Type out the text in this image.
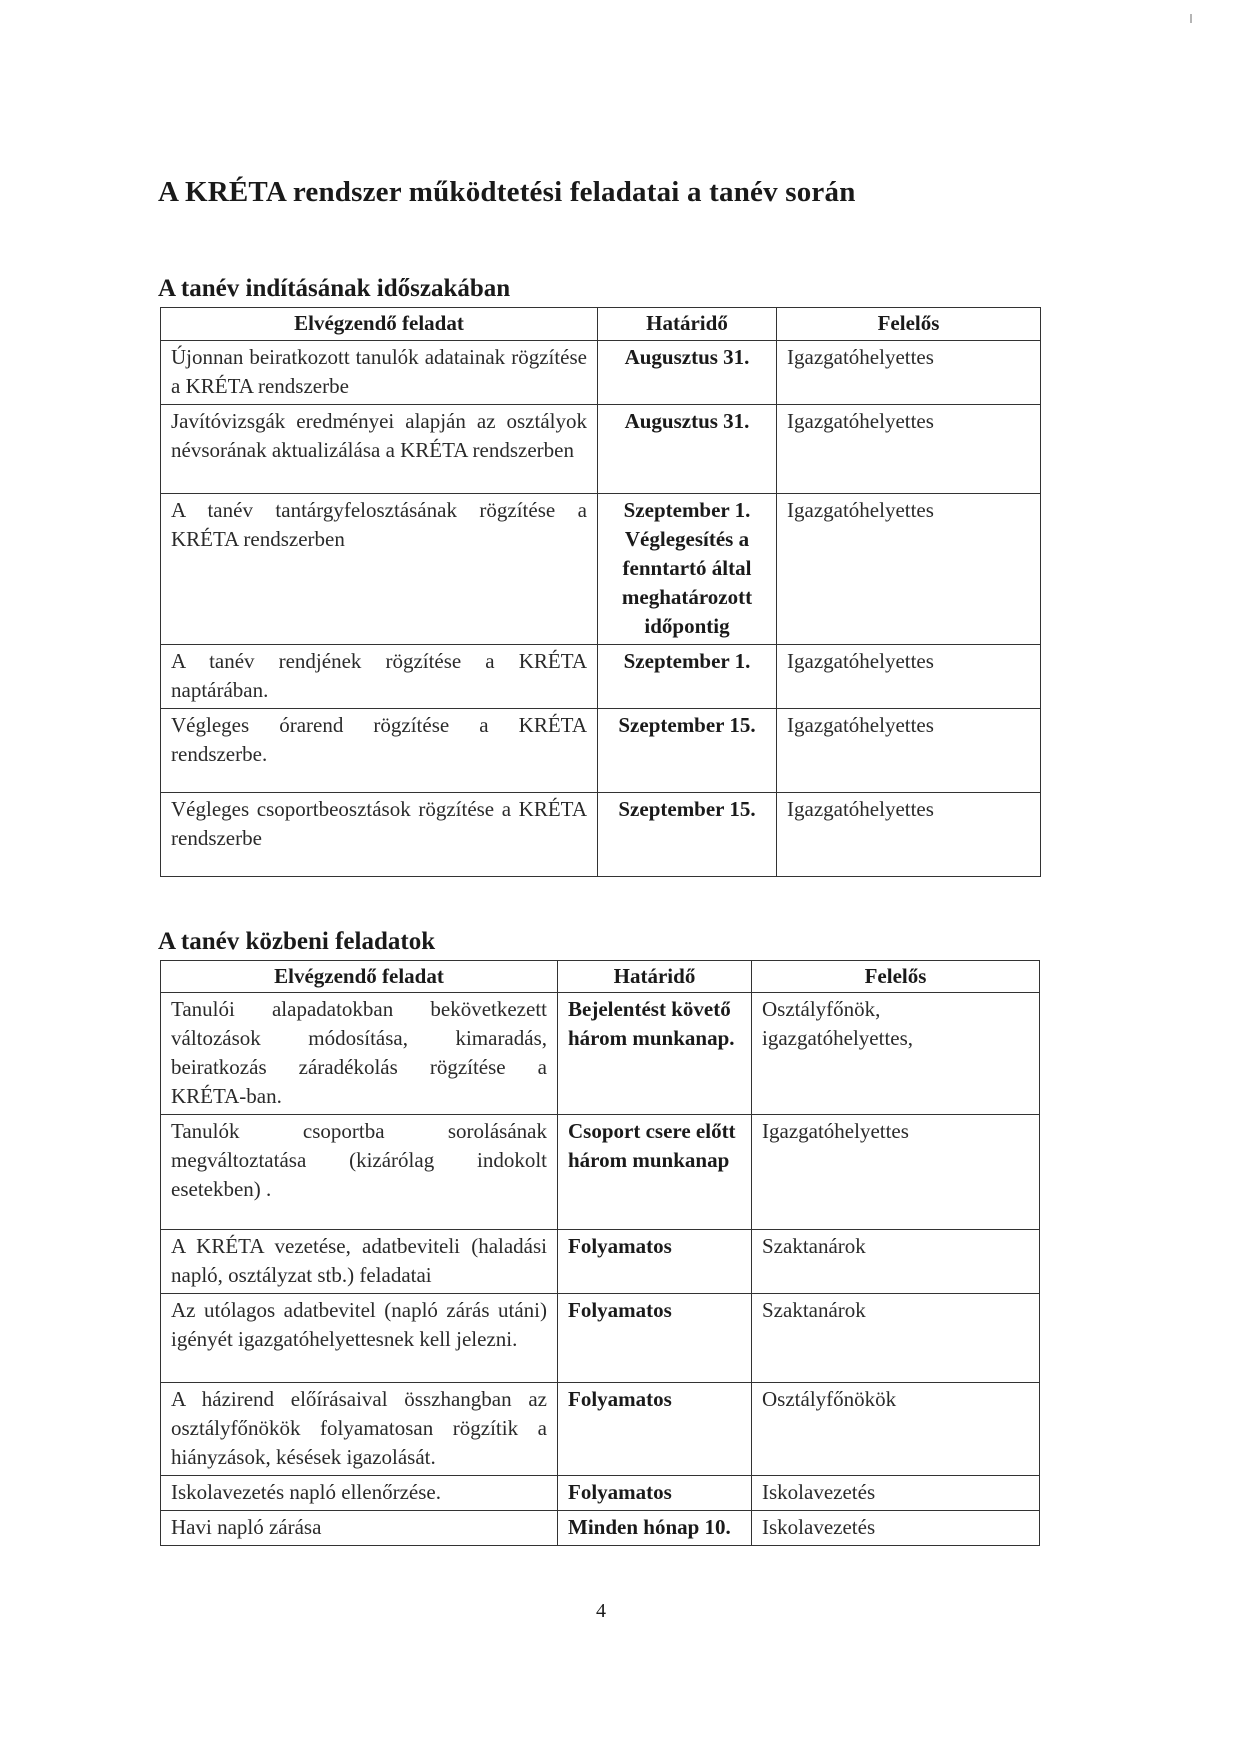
A KRÉTA rendszer működtetési feladatai a tanév során
A tanév indításának időszakában
Elvégzendő feladat	Határidő	Felelős
Újonnan beiratkozott tanulók adatainak rögzítése a KRÉTA rendszerbe	Augusztus 31.	Igazgatóhelyettes
Javítóvizsgák eredményei alapján az osztályok névsorának aktualizálása a KRÉTA rendszerben	Augusztus 31.	Igazgatóhelyettes
A tanév tantárgyfelosztásának rögzítése a KRÉTA rendszerben	Szeptember 1. Véglegesítés a fenntartó által meghatározott időpontig	Igazgatóhelyettes
A tanév rendjének rögzítése a KRÉTA naptárában.	Szeptember 1.	Igazgatóhelyettes
Végleges órarend rögzítése a KRÉTA rendszerbe.	Szeptember 15.	Igazgatóhelyettes
Végleges csoportbeosztások rögzítése a KRÉTA rendszerbe	Szeptember 15.	Igazgatóhelyettes
A tanév közbeni feladatok
Elvégzendő feladat	Határidő	Felelős
Tanulói alapadatokban bekövetkezett változások módosítása, kimaradás, beiratkozás záradékolás rögzítése a KRÉTA-ban.	Bejelentést követő három munkanap.	Osztályfőnök, igazgatóhelyettes,
Tanulók csoportba sorolásának megváltoztatása (kizárólag indokolt esetekben) .	Csoport csere előtt három munkanap	Igazgatóhelyettes
A KRÉTA vezetése, adatbeviteli (haladási napló, osztályzat stb.) feladatai	Folyamatos	Szaktanárok
Az utólagos adatbevitel (napló zárás utáni) igényét igazgatóhelyettesnek kell jelezni.	Folyamatos	Szaktanárok
A házirend előírásaival összhangban az osztályfőnökök folyamatosan rögzítik a hiányzások, késések igazolását.	Folyamatos	Osztályfőnökök
Iskolavezetés napló ellenőrzése.	Folyamatos	Iskolavezetés
Havi napló zárása	Minden hónap 10.	Iskolavezetés
4
